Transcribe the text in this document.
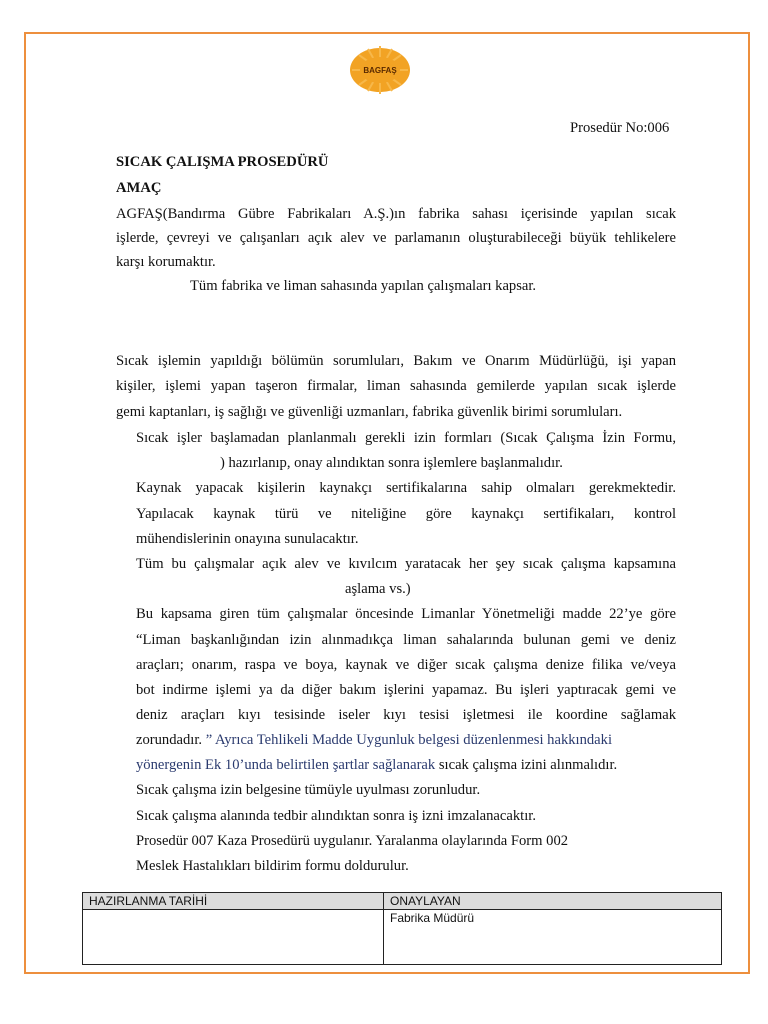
BAGFAŞ
Prosedür No:006
SICAK ÇALIŞMA PROSEDÜRÜ
AMAÇ
AGFAŞ(Bandırma Gübre Fabrikaları A.Ş.)ın fabrika sahası içerisinde yapılan sıcak
işlerde, çevreyi ve çalışanları açık alev ve parlamanın oluşturabileceği büyük tehlikelere
karşı korumaktır.
Tüm fabrika ve liman sahasında yapılan çalışmaları kapsar.
Sıcak işlemin yapıldığı bölümün sorumluları, Bakım ve Onarım Müdürlüğü, işi yapan
kişiler, işlemi yapan taşeron firmalar, liman sahasında gemilerde yapılan sıcak işlerde
gemi kaptanları, iş sağlığı ve güvenliği uzmanları, fabrika güvenlik birimi sorumluları.
Sıcak işler başlamadan planlanmalı gerekli izin formları (Sıcak Çalışma İzin Formu,
) hazırlanıp, onay alındıktan sonra işlemlere başlanmalıdır.
Kaynak yapacak kişilerin kaynakçı sertifikalarına sahip olmaları gerekmektedir.
Yapılacak kaynak türü ve niteliğine göre kaynakçı sertifikaları, kontrol
mühendislerinin onayına sunulacaktır.
Tüm bu çalışmalar açık alev ve kıvılcım yaratacak her şey sıcak çalışma kapsamına
aşlama vs.)
Bu kapsama giren tüm çalışmalar öncesinde Limanlar Yönetmeliği madde 22’ye göre
“Liman başkanlığından izin alınmadıkça liman sahalarında bulunan gemi ve deniz
araçları; onarım, raspa ve boya, kaynak ve diğer sıcak çalışma denize filika ve/veya
bot indirme işlemi ya da diğer bakım işlerini yapamaz. Bu işleri yaptıracak gemi ve
deniz araçları kıyı tesisinde iseler kıyı tesisi işletmesi ile koordine sağlamak
zorundadır. ” Ayrıca Tehlikeli Madde Uygunluk belgesi düzenlenmesi hakkındaki
yönergenin Ek 10’unda belirtilen şartlar sağlanarak sıcak çalışma izini alınmalıdır.
Sıcak çalışma izin belgesine tümüyle uyulması zorunludur.
Sıcak çalışma alanında tedbir alındıktan sonra iş izni imzalanacaktır.
Prosedür 007 Kaza Prosedürü uygulanır. Yaralanma olaylarında Form 002
Meslek Hastalıkları bildirim formu doldurulur.
HAZIRLANMA TARİHİ	ONAYLAYAN
	Fabrika Müdürü
